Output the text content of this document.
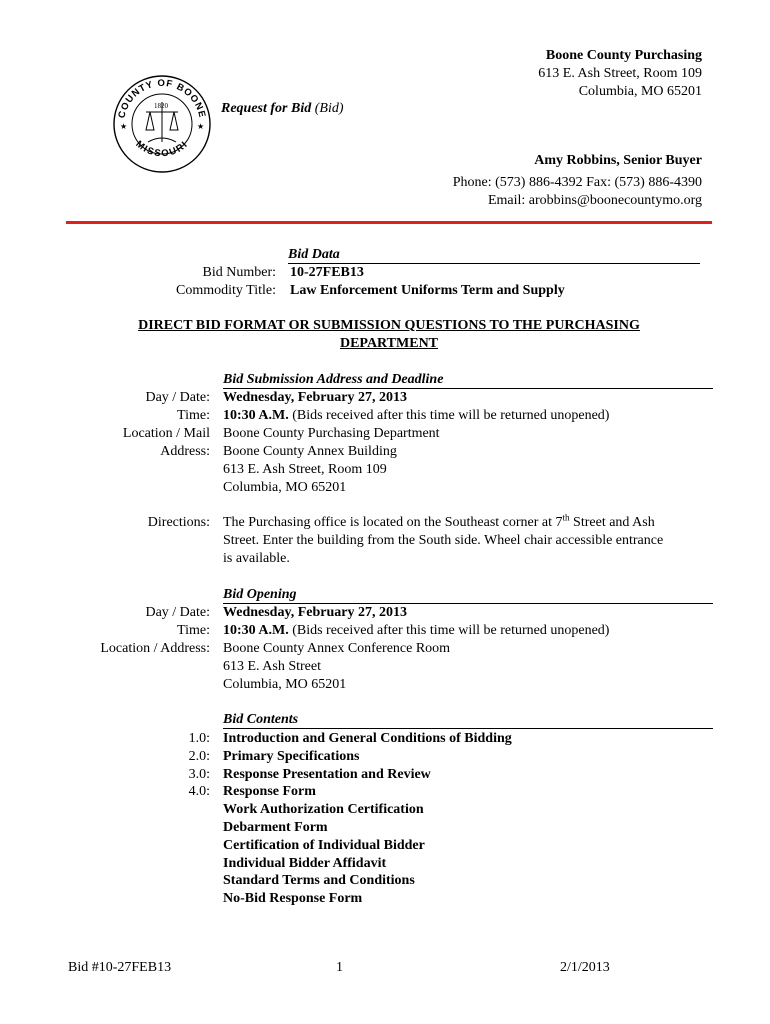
COUNTY OF BOONE
MISSOURI
★	★
1820
Boone County Purchasing
613 E. Ash Street, Room 109
Columbia, MO 65201
Request for Bid (Bid)
Amy Robbins, Senior Buyer
Phone: (573) 886-4392 Fax: (573) 886-4390
Email: arobbins@boonecountymo.org
Bid Data
Bid Number: 10-27FEB13
Commodity Title: Law Enforcement Uniforms Term and Supply
DIRECT BID FORMAT OR SUBMISSION QUESTIONS TO THE PURCHASING
DEPARTMENT
Bid Submission Address and Deadline
Day / Date: Wednesday, February 27, 2013
Time: 10:30 A.M. (Bids received after this time will be returned unopened)
Location / Mail
Address:
Boone County Purchasing Department
Boone County Annex Building
613 E. Ash Street, Room 109
Columbia, MO 65201
Directions: The Purchasing office is located on the Southeast corner at 7th Street and Ash
Street. Enter the building from the South side. Wheel chair accessible entrance
is available.
Bid Opening
Day / Date: Wednesday, February 27, 2013
Time: 10:30 A.M. (Bids received after this time will be returned unopened)
Location / Address: Boone County Annex Conference Room
613 E. Ash Street
Columbia, MO 65201
Bid Contents
1.0: Introduction and General Conditions of Bidding
2.0: Primary Specifications
3.0: Response Presentation and Review
4.0: Response Form
Work Authorization Certification
Debarment Form
Certification of Individual Bidder
Individual Bidder Affidavit
Standard Terms and Conditions
No-Bid Response Form
Bid #10-27FEB13	1	2/1/2013
